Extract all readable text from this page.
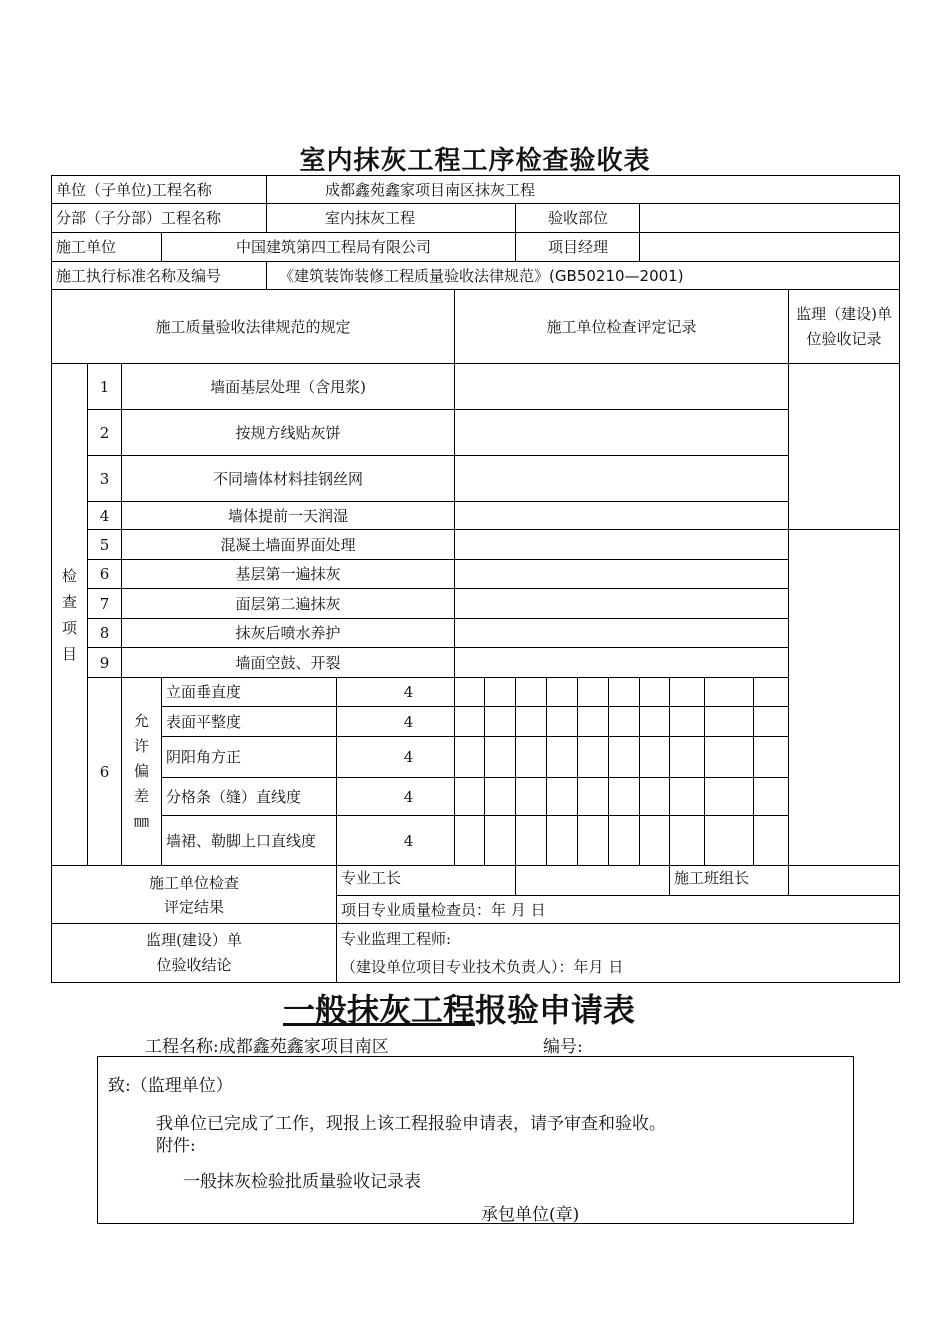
室内抹灰工程工序检查验收表
单位（子单位)工程名称				成都鑫苑鑫家项目南区抹灰工程												
分部（子分部）工程名称				室内抹灰工程				验收部位								
施工单位			中国建筑第四工程局有限公司					项目经理								
施工执行标准名称及编号				《建筑装饰装修工程质量验收法律规范》(GB50210—2001)												
施工质量验收法律规范的规定						施工单位检查评定记录										监理（建设)单位验收记录

检查项目	1	墙面基层处理（含甩浆)														
	2	按规方线贴灰饼														
	3	不同墙体材料挂钢丝网														
	4	墙体提前一天润湿														
	5	混凝土墙面界面处理														
	6	基层第一遍抹灰														
	7	面层第二遍抹灰														
	8	抹灰后喷水养护														
	9	墙面空鼓、开裂														
	6	允许偏差㎜	立面垂直度		4											
			表面平整度		4											
			阴阳角方正		4											
			分格条（缝）直线度		4											
			墙裙、勒脚上口直线度		4											

施工单位检查评定结果					专业工长								施工班组长			
					项目专业质量检查员：年 月 日											

监理(建设）单位验收结论					专业监理工程师:
（建设单位项目专业技术负责人）：年月 日											
一般抹灰工程报验申请表
工程名称:成都鑫苑鑫家项目南区	编号:
致:（监理单位）
我单位已完成了工作，现报上该工程报验申请表，请予审查和验收。
附件:
一般抹灰检验批质量验收记录表
承包单位(章)
